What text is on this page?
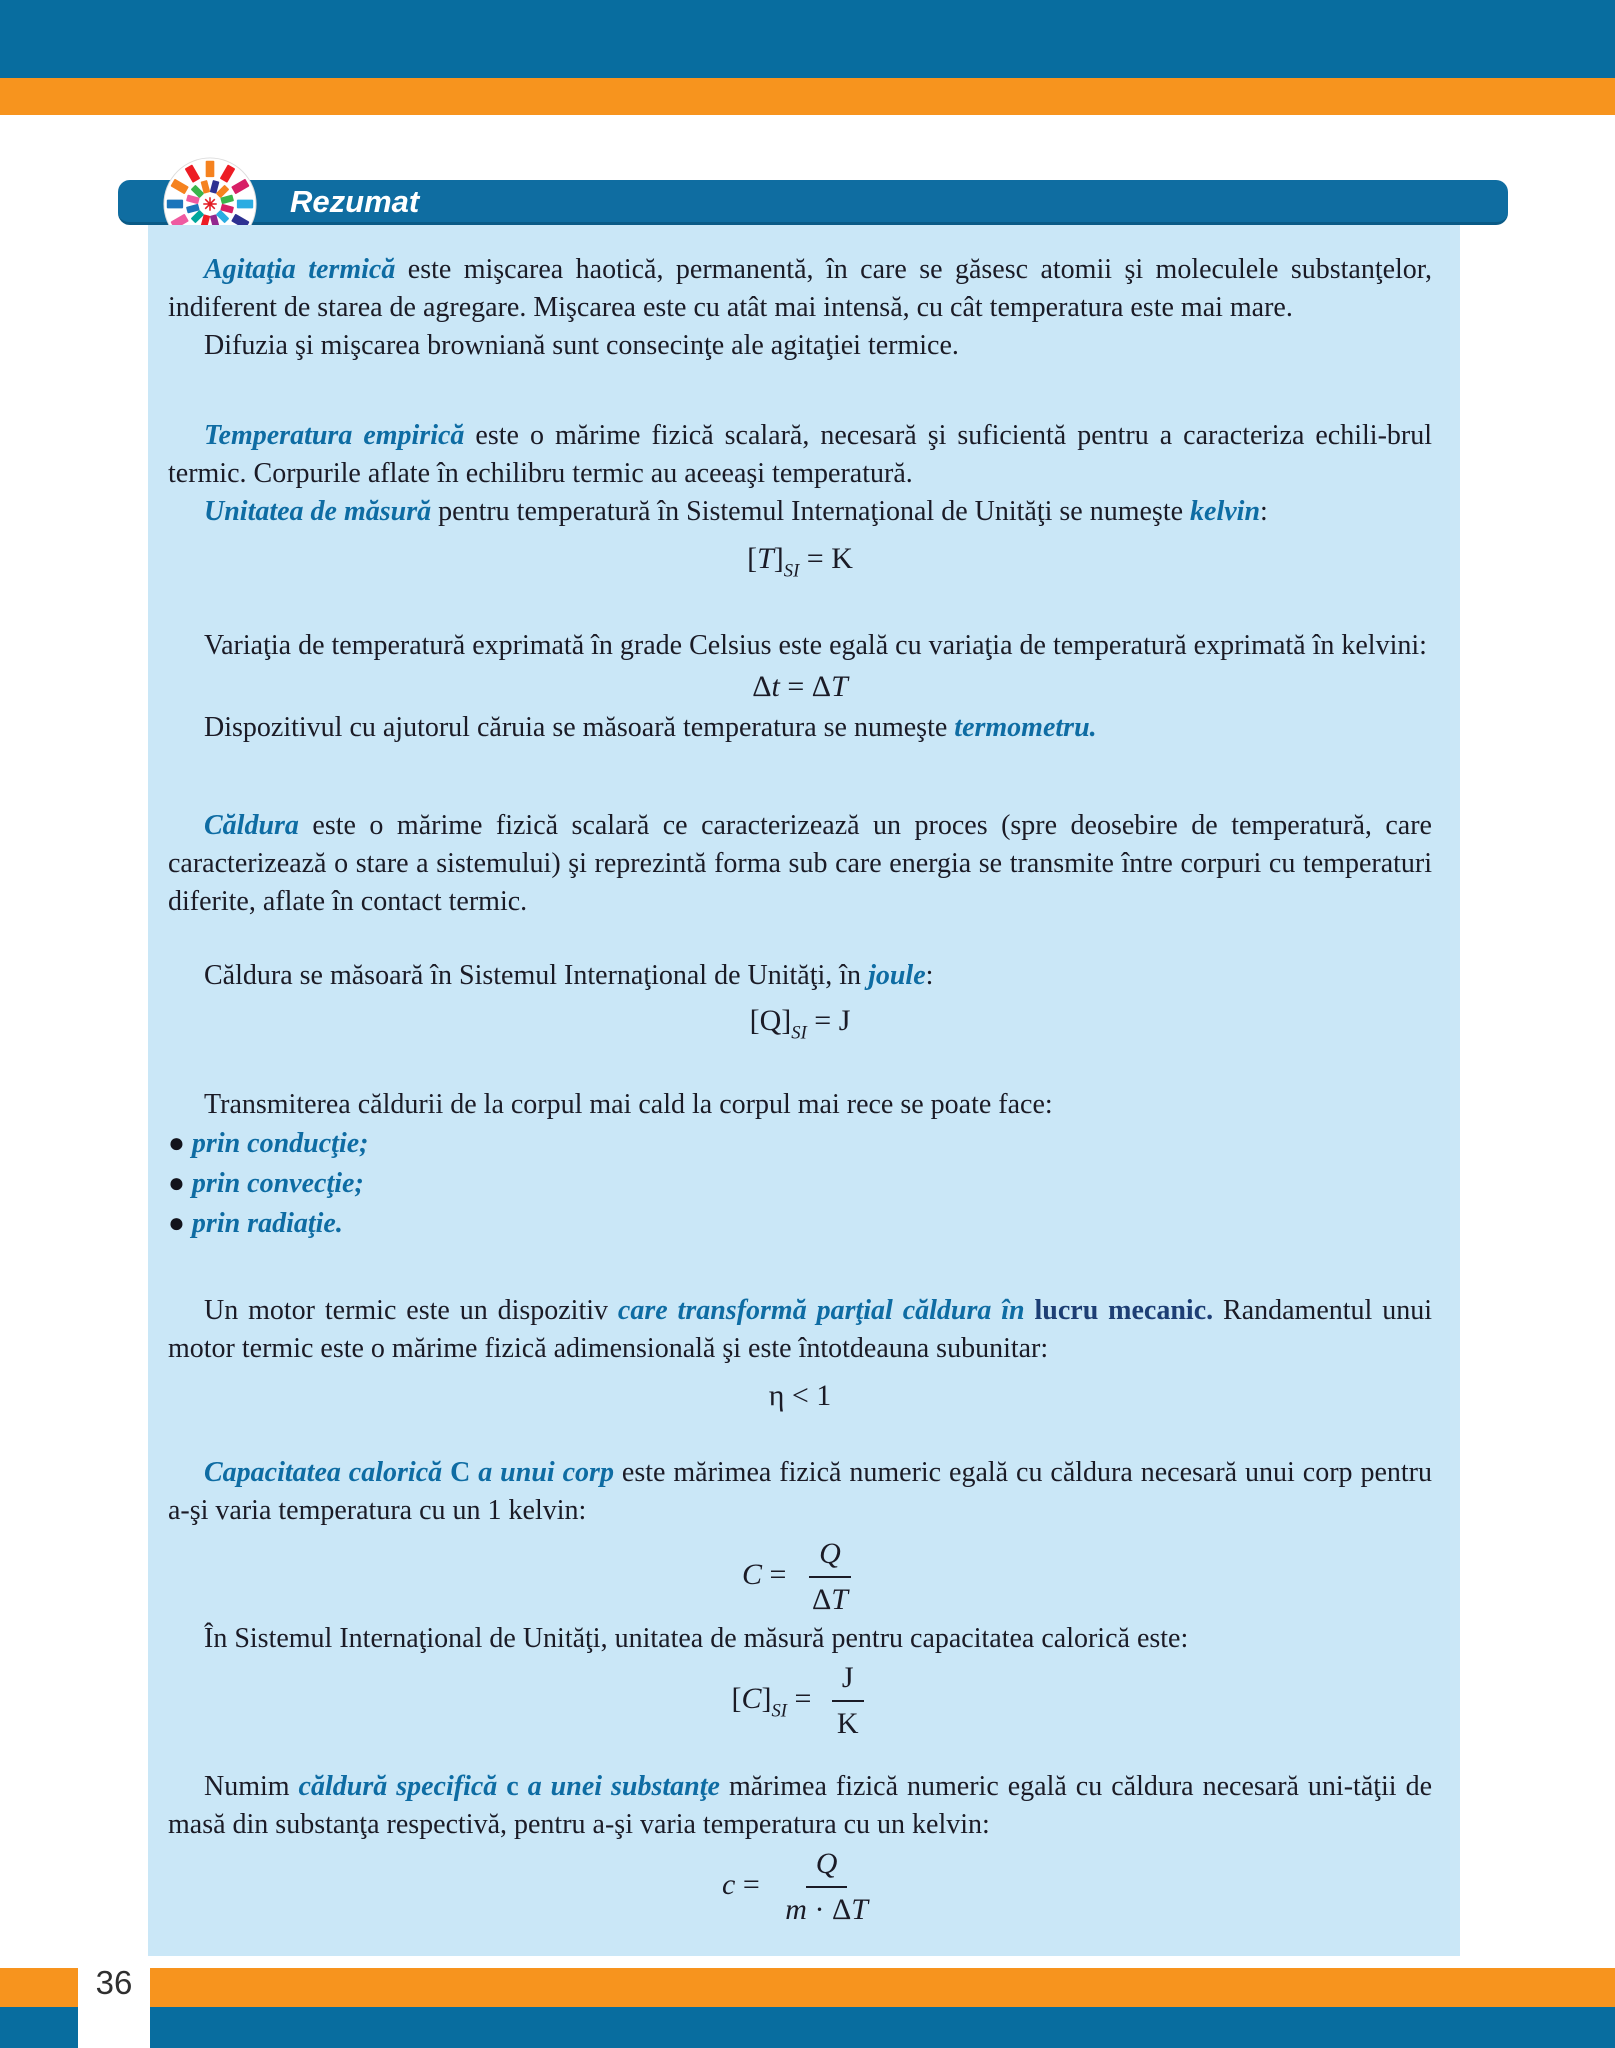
Rezumat

Agitaţia termică este mişcarea haotică, permanentă, în care se găsesc atomii şi moleculele substanţelor, indiferent de starea de agregare. Mişcarea este cu atât mai intensă, cu cât temperatura este mai mare.

Difuzia şi mişcarea browniană sunt consecinţe ale agitaţiei termice.

Temperatura empirică este o mărime fizică scalară, necesară şi suficientă pentru a caracteriza echili-brul termic. Corpurile aflate în echilibru termic au aceeaşi temperatură.

Unitatea de măsură pentru temperatură în Sistemul Internaţional de Unităţi se numeşte kelvin:

$[T]_{SI} = K$

Variaţia de temperatură exprimată în grade Celsius este egală cu variaţia de temperatură exprimată în kelvini:

Δt = ΔT

Dispozitivul cu ajutorul căruia se măsoară temperatura se numeşte termometru.

Căldura este o mărime fizică scalară ce caracterizează un proces (spre deosebire de temperatură, care caracterizează o stare a sistemului) şi reprezintă forma sub care energia se transmite între corpuri cu temperaturi diferite, aflate în contact termic.

Căldura se măsoară în Sistemul Internaţional de Unităţi, în joule:

$[Q]_{SI} = J$

Transmiterea căldurii de la corpul mai cald la corpul mai rece se poate face:

● prin conducţie;

● prin convecţie;

● prin radiaţie.

Un motor termic este un dispozitiv care transformă parţial căldura în lucru mecanic. Randamentul unui motor termic este o mărime fizică adimensională şi este întotdeauna subunitar:

η < 1

Capacitatea calorică C a unui corp este mărimea fizică numeric egală cu căldura necesară unui corp pentru a-şi varia temperatura cu un 1 kelvin:

$C = \frac{Q}{\Delta T}$

În Sistemul Internaţional de Unităţi, unitatea de măsură pentru capacitatea calorică este:

$[C]_{SI} = \frac{J}{K}$

Numim căldură specifică c a unei substanţe mărimea fizică numeric egală cu căldura necesară uni-tăţii de masă din substanţa respectivă, pentru a-şi varia temperatura cu un kelvin:

$c = \frac{Q}{m \cdot \Delta T}$
36
